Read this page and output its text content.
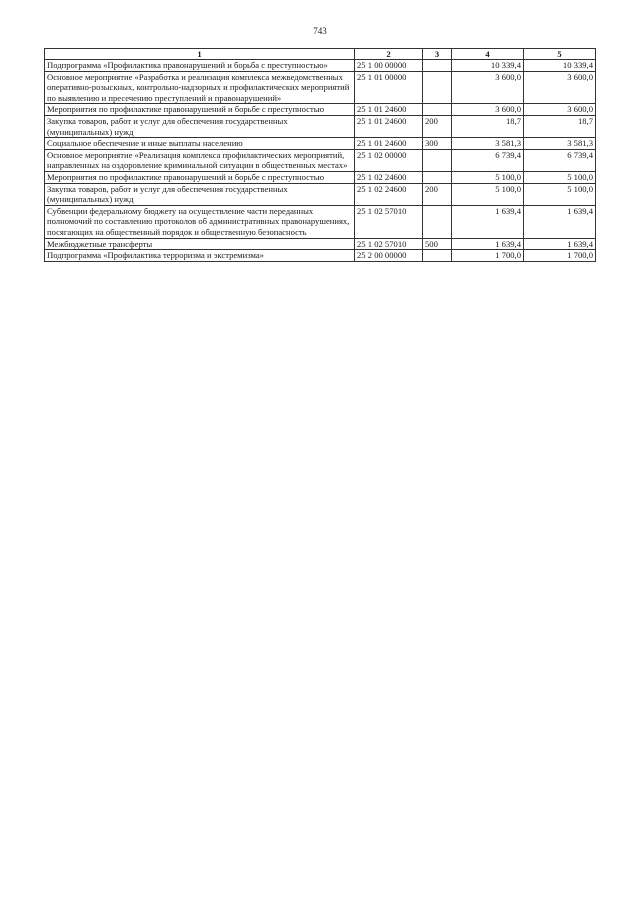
743
1	2	3	4	5
Подпрограмма «Профилактика правонарушений и борьба с преступностью»	25 1 00 00000		10 339,4	10 339,4
Основное мероприятие «Разработка и реализация комплекса межведомственных оперативно-розыскных, контрольно-надзорных и профилактических мероприятий по выявлению и пресечению преступлений и правонарушений»	25 1 01 00000		3 600,0	3 600,0
Мероприятия по профилактике правонарушений и борьбе с преступностью	25 1 01 24600		3 600,0	3 600,0
Закупка товаров, работ и услуг для обеспечения государственных (муниципальных) нужд	25 1 01 24600	200	18,7	18,7
Социальное обеспечение и иные выплаты населению	25 1 01 24600	300	3 581,3	3 581,3
Основное мероприятие «Реализация комплекса профилактических мероприятий, направленных на оздоровление криминальной ситуации в общественных местах»	25 1 02 00000		6 739,4	6 739,4
Мероприятия по профилактике правонарушений и борьбе с преступностью	25 1 02 24600		5 100,0	5 100,0
Закупка товаров, работ и услуг для обеспечения государственных (муниципальных) нужд	25 1 02 24600	200	5 100,0	5 100,0
Субвенции федеральному бюджету на осуществление части переданных полномочий по составлению протоколов об административных правонарушениях, посягающих на общественный порядок и общественную безопасность	25 1 02 57010		1 639,4	1 639,4
Межбюджетные трансферты	25 1 02 57010	500	1 639,4	1 639,4
Подпрограмма «Профилактика терроризма и экстремизма»	25 2 00 00000		1 700,0	1 700,0
